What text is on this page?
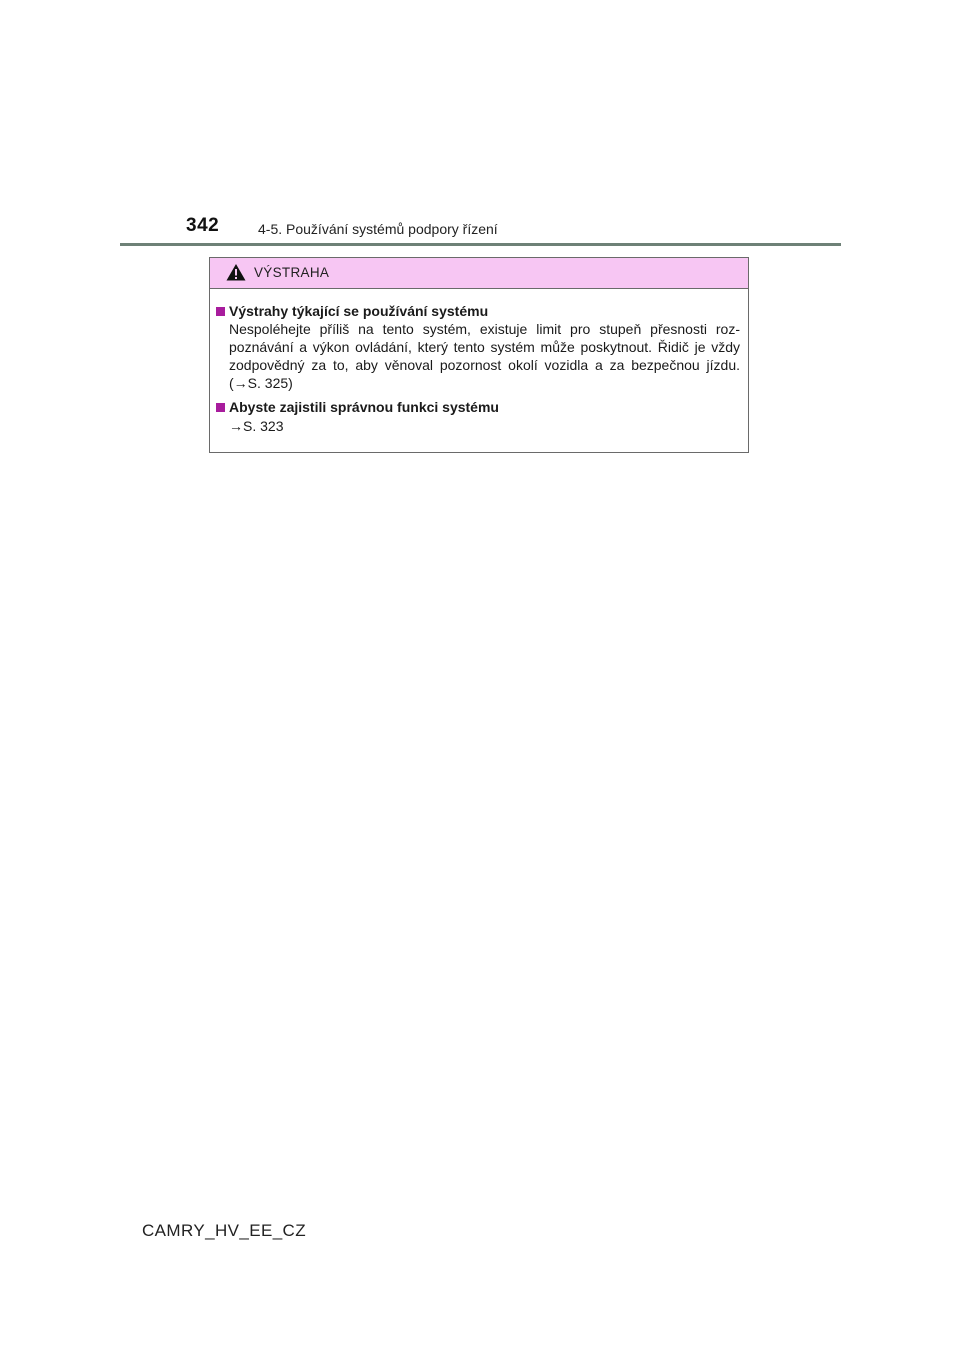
342	4-5. Používání systémů podpory řízení
VÝSTRAHA
Výstrahy týkající se používání systému
Nespoléhejte příliš na tento systém, existuje limit pro stupeň přesnosti roz-poznávání a výkon ovládání, který tento systém může poskytnout. Řidič je vždy zodpovědný za to, aby věnoval pozornost okolí vozidla a za bezpečnou jízdu. (→S. 325)
Abyste zajistili správnou funkci systému
→S. 323
CAMRY_HV_EE_CZ
